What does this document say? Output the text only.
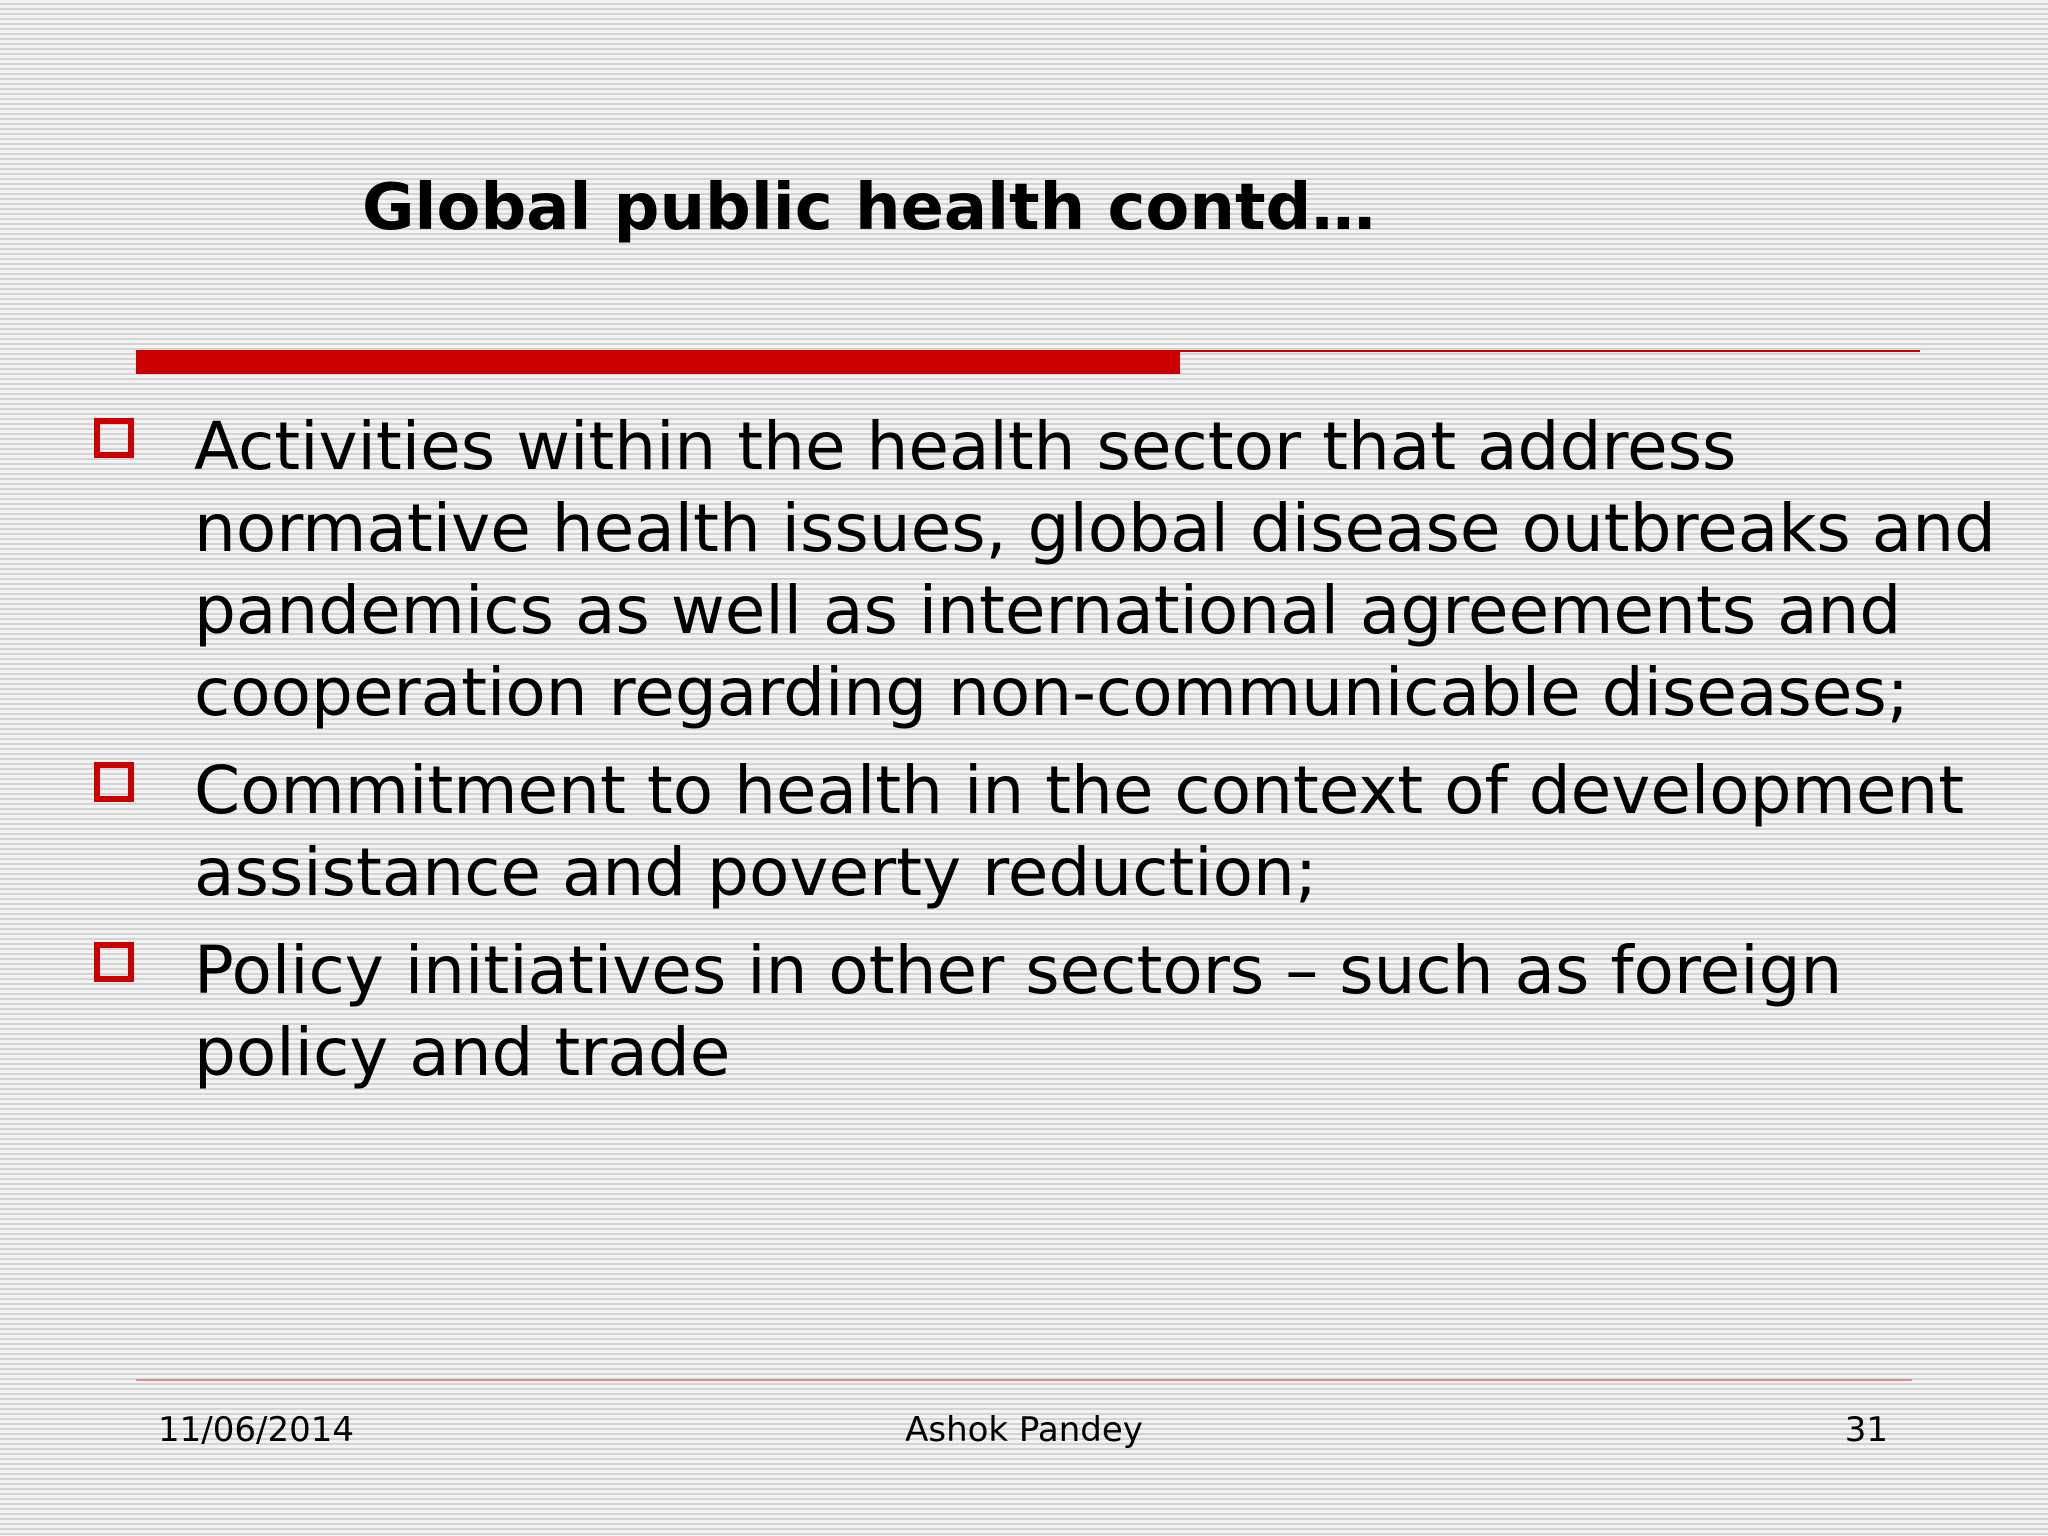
Global public health contd…
Activities within the health sector that address normative health issues, global disease outbreaks and pandemics as well as international agreements and cooperation regarding non-communicable diseases;
Commitment to health in the context of development assistance and poverty reduction;
Policy initiatives in other sectors – such as foreign policy and trade
11/06/2014	Ashok Pandey	31
